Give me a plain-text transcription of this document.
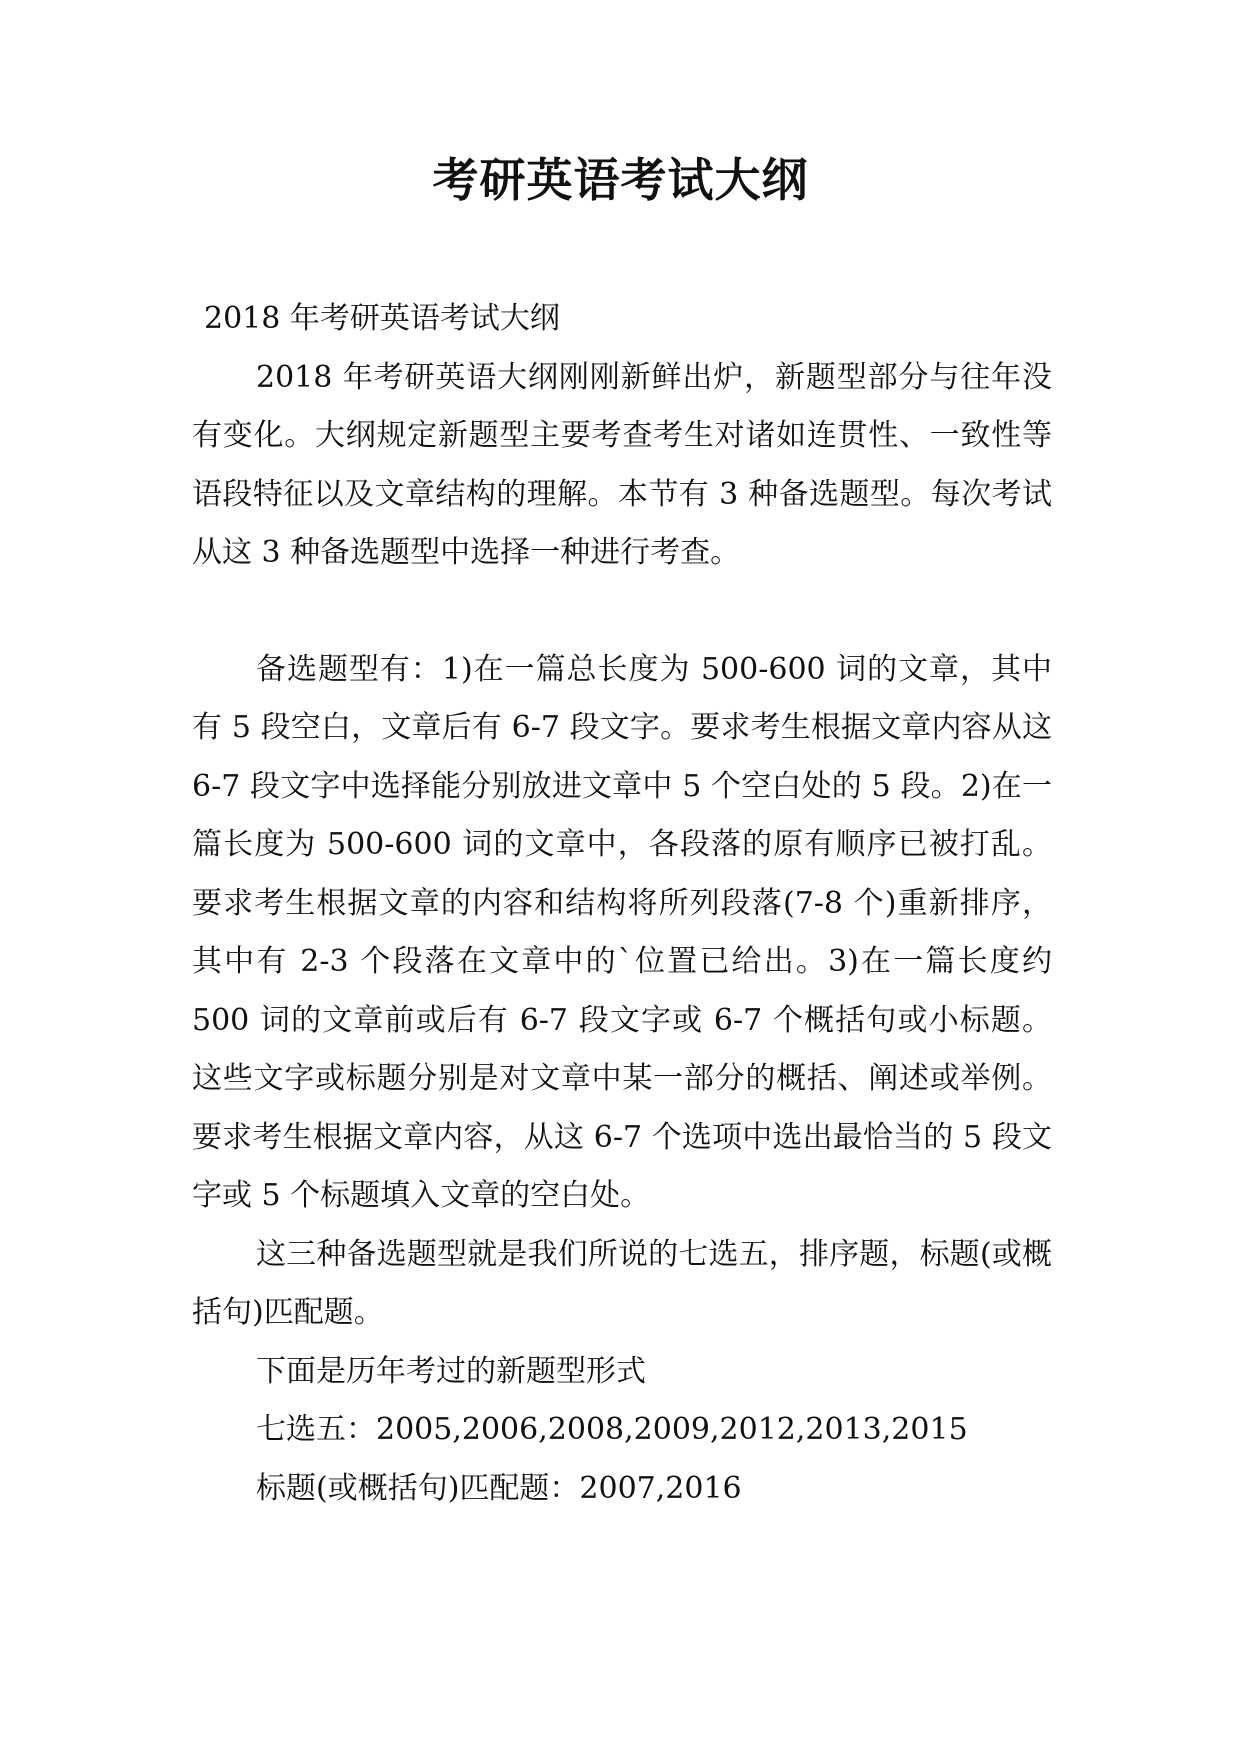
考研英语考试大纲

2018 年考研英语考试大纲

2018 年考研英语大纲刚刚新鲜出炉，新题型部分与往年没有变化。大纲规定新题型主要考查考生对诸如连贯性、一致性等语段特征以及文章结构的理解。本节有 3 种备选题型。每次考试从这 3 种备选题型中选择一种进行考查。

备选题型有：1)在一篇总长度为 500-600 词的文章，其中有 5 段空白，文章后有 6-7 段文字。要求考生根据文章内容从这 6-7 段文字中选择能分别放进文章中 5 个空白处的 5 段。2)在一篇长度为 500-600 词的文章中，各段落的原有顺序已被打乱。要求考生根据文章的内容和结构将所列段落(7-8 个)重新排序，其中有 2-3 个段落在文章中的`位置已给出。3)在一篇长度约 500 词的文章前或后有 6-7 段文字或 6-7 个概括句或小标题。这些文字或标题分别是对文章中某一部分的概括、阐述或举例。要求考生根据文章内容，从这 6-7 个选项中选出最恰当的 5 段文字或 5 个标题填入文章的空白处。

这三种备选题型就是我们所说的七选五，排序题，标题(或概括句)匹配题。

下面是历年考过的新题型形式

七选五：2005,2006,2008,2009,2012,2013,2015

标题(或概括句)匹配题：2007,2016
